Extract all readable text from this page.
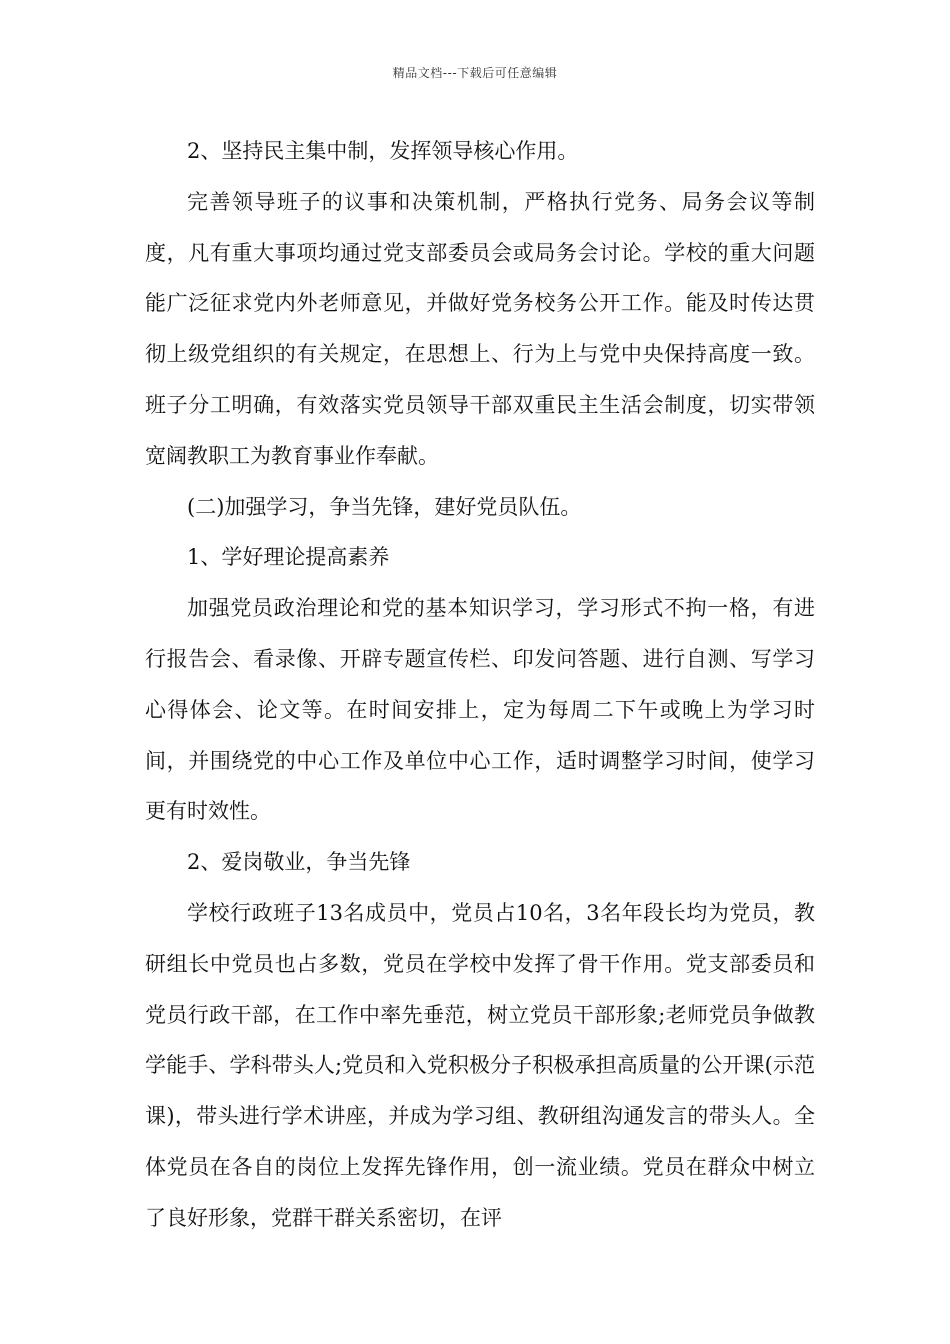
精品文档---下载后可任意编辑

2、坚持民主集中制，发挥领导核心作用。

完善领导班子的议事和决策机制，严格执行党务、局务会议等制度，凡有重大事项均通过党支部委员会或局务会讨论。学校的重大问题能广泛征求党内外老师意见，并做好党务校务公开工作。能及时传达贯彻上级党组织的有关规定，在思想上、行为上与党中央保持高度一致。班子分工明确，有效落实党员领导干部双重民主生活会制度，切实带领宽阔教职工为教育事业作奉献。

(二)加强学习，争当先锋，建好党员队伍。

1、学好理论提高素养

加强党员政治理论和党的基本知识学习，学习形式不拘一格，有进行报告会、看录像、开辟专题宣传栏、印发问答题、进行自测、写学习心得体会、论文等。在时间安排上，定为每周二下午或晚上为学习时间，并围绕党的中心工作及单位中心工作，适时调整学习时间，使学习更有时效性。

2、爱岗敬业，争当先锋

学校行政班子13名成员中，党员占10名，3名年段长均为党员，教研组长中党员也占多数，党员在学校中发挥了骨干作用。党支部委员和党员行政干部，在工作中率先垂范，树立党员干部形象;老师党员争做教学能手、学科带头人;党员和入党积极分子积极承担高质量的公开课(示范课)，带头进行学术讲座，并成为学习组、教研组沟通发言的带头人。全体党员在各自的岗位上发挥先锋作用，创一流业绩。党员在群众中树立了良好形象，党群干群关系密切，在评
